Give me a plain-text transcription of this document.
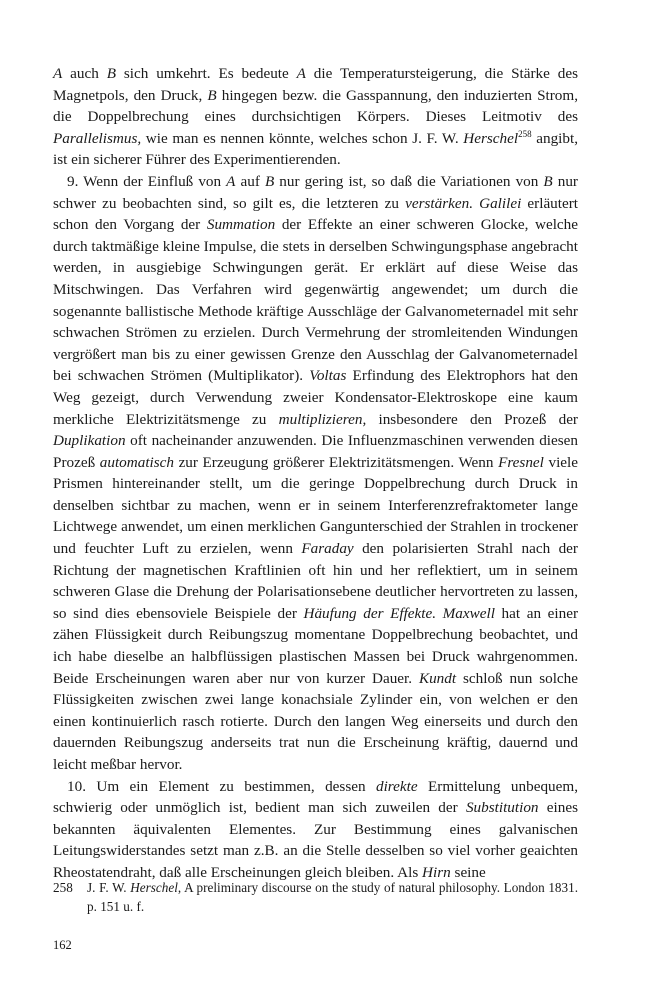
A auch B sich umkehrt. Es bedeute A die Temperatursteigerung, die Stärke des Magnetpols, den Druck, B hingegen bezw. die Gasspannung, den induzierten Strom, die Doppelbrechung eines durchsichtigen Körpers. Dieses Leitmotiv des Parallelismus, wie man es nennen könnte, welches schon J. F. W. Herschel$^{258}$ angibt, ist ein sicherer Führer des Experimentierenden.

9. Wenn der Einfluß von A auf B nur gering ist, so daß die Variationen von B nur schwer zu beobachten sind, so gilt es, die letzteren zu verstärken. Galilei erläutert schon den Vorgang der Summation der Effekte an einer schweren Glocke, welche durch taktmäßige kleine Impulse, die stets in derselben Schwingungsphase angebracht werden, in ausgiebige Schwingungen gerät. Er erklärt auf diese Weise das Mitschwingen. Das Verfahren wird gegenwärtig angewendet; um durch die sogenannte ballistische Methode kräftige Ausschläge der Galvanometernadel mit sehr schwachen Strömen zu erzielen. Durch Vermehrung der stromleitenden Windungen vergrößert man bis zu einer gewissen Grenze den Ausschlag der Galvanometernadel bei schwachen Strömen (Multiplikator). Voltas Erfindung des Elektrophors hat den Weg gezeigt, durch Verwendung zweier Kondensator-Elektroskope eine kaum merkliche Elektrizitätsmenge zu multiplizieren, insbesondere den Prozeß der Duplikation oft nacheinander anzuwenden. Die Influenzmaschinen verwenden diesen Prozeß automatisch zur Erzeugung größerer Elektrizitätsmengen. Wenn Fresnel viele Prismen hintereinander stellt, um die geringe Doppelbrechung durch Druck in denselben sichtbar zu machen, wenn er in seinem Interferenzrefraktometer lange Lichtwege anwendet, um einen merklichen Gangunterschied der Strahlen in trockener und feuchter Luft zu erzielen, wenn Faraday den polarisierten Strahl nach der Richtung der magnetischen Kraftlinien oft hin und her reflektiert, um in seinem schweren Glase die Drehung der Polarisationsebene deutlicher hervortreten zu lassen, so sind dies ebensoviele Beispiele der Häufung der Effekte. Maxwell hat an einer zähen Flüssigkeit durch Reibungszug momentane Doppelbrechung beobachtet, und ich habe dieselbe an halbflüssigen plastischen Massen bei Druck wahrgenommen. Beide Erscheinungen waren aber nur von kurzer Dauer. Kundt schloß nun solche Flüssigkeiten zwischen zwei lange konachsiale Zylinder ein, von welchen er den einen kontinuierlich rasch rotierte. Durch den langen Weg einerseits und durch den dauernden Reibungszug anderseits trat nun die Erscheinung kräftig, dauernd und leicht meßbar hervor.

10. Um ein Element zu bestimmen, dessen direkte Ermittelung unbequem, schwierig oder unmöglich ist, bedient man sich zuweilen der Substitution eines bekannten äquivalenten Elementes. Zur Bestimmung eines galvanischen Leitungswiderstandes setzt man z.B. an die Stelle desselben so viel vorher geaichten Rheostatendraht, daß alle Erscheinungen gleich bleiben. Als Hirn seine

258 J. F. W. Herschel, A preliminary discourse on the study of natural philosophy. London 1831. p. 151 u. f.
162
